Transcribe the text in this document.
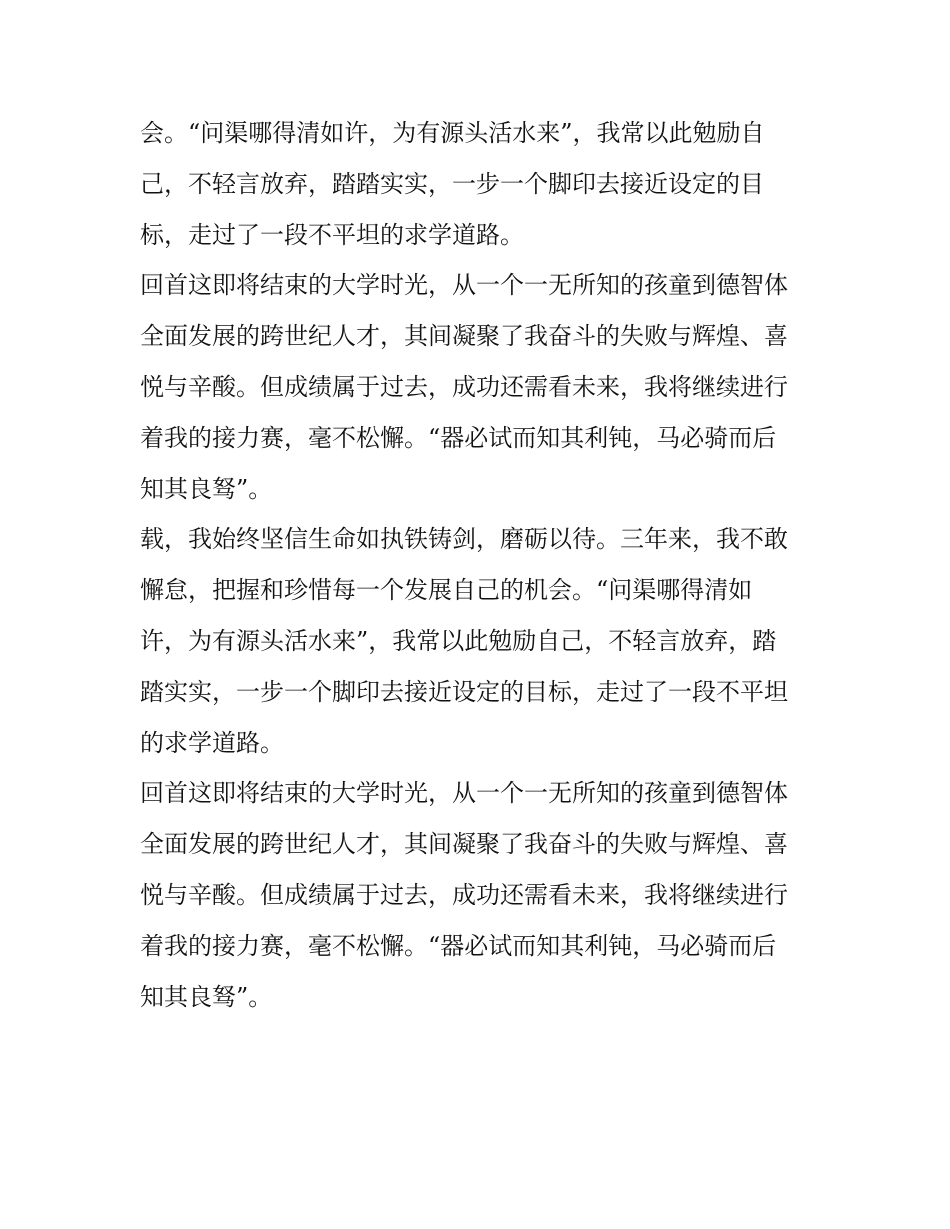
会。“问渠哪得清如许，为有源头活水来”，我常以此勉励自
己，不轻言放弃，踏踏实实，一步一个脚印去接近设定的目
标，走过了一段不平坦的求学道路。
回首这即将结束的大学时光，从一个一无所知的孩童到德智体
全面发展的跨世纪人才，其间凝聚了我奋斗的失败与辉煌、喜
悦与辛酸。但成绩属于过去，成功还需看未来，我将继续进行
着我的接力赛，毫不松懈。“器必试而知其利钝，马必骑而后
知其良驽”。
载，我始终坚信生命如执铁铸剑，磨砺以待。三年来，我不敢
懈怠，把握和珍惜每一个发展自己的机会。“问渠哪得清如
许，为有源头活水来”，我常以此勉励自己，不轻言放弃，踏
踏实实，一步一个脚印去接近设定的目标，走过了一段不平坦
的求学道路。
回首这即将结束的大学时光，从一个一无所知的孩童到德智体
全面发展的跨世纪人才，其间凝聚了我奋斗的失败与辉煌、喜
悦与辛酸。但成绩属于过去，成功还需看未来，我将继续进行
着我的接力赛，毫不松懈。“器必试而知其利钝，马必骑而后
知其良驽”。
